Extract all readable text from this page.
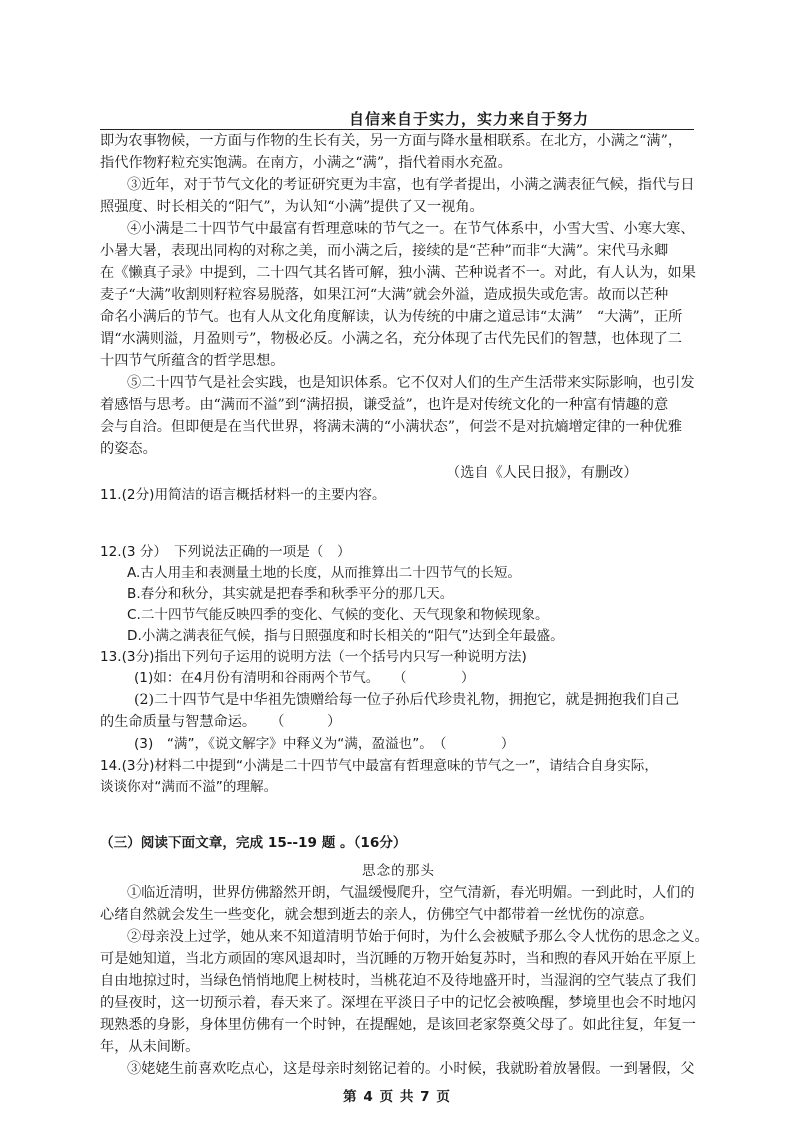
自信来自于实力，实力来自于努力
即为农事物候，一方面与作物的生长有关，另一方面与降水量相联系。在北方，小满之“满”，
指代作物籽粒充实饱满。在南方，小满之“满”，指代着雨水充盈。
③近年，对于节气文化的考证研究更为丰富，也有学者提出，小满之满表征气候，指代与日
照强度、时长相关的“阳气”，为认知“小满”提供了又一视角。
④小满是二十四节气中最富有哲理意味的节气之一。在节气体系中，小雪大雪、小寒大寒、
小暑大暑，表现出同构的对称之美，而小满之后，接续的是“芒种”而非“大满”。宋代马永卿
在《懒真子录》中提到，二十四气其名皆可解，独小满、芒种说者不一。对此，有人认为，如果
麦子“大满”收割则籽粒容易脱落，如果江河“大满”就会外溢，造成损失或危害。故而以芒种
命名小满后的节气。也有人从文化角度解读，认为传统的中庸之道忌讳“太满”　“大满”，正所
谓“水满则溢，月盈则亏”，物极必反。小满之名，充分体现了古代先民们的智慧，也体现了二
十四节气所蕴含的哲学思想。
⑤二十四节气是社会实践，也是知识体系。它不仅对人们的生产生活带来实际影响，也引发
着感悟与思考。由“满而不溢”到“满招损，谦受益”，也许是对传统文化的一种富有情趣的意
会与自洽。但即便是在当代世界，将满未满的“小满状态”，何尝不是对抗熵增定律的一种优雅
的姿态。
（选自《人民日报》，有删改）
11.(2分)用简洁的语言概括材料一的主要内容。
12.(3 分）　下列说法正确的一项是（　）
A.古人用圭和表测量土地的长度，从而推算出二十四节气的长短。
B.春分和秋分，其实就是把春季和秋季平分的那几天。
C.二十四节气能反映四季的变化、气候的变化、天气现象和物候现象。
D.小满之满表征气候，指与日照强度和时长相关的“阳气”达到全年最盛。
13.(3分)指出下列句子运用的说明方法（一个括号内只写一种说明方法)
(1)如：在4月份有清明和谷雨两个节气。　　（　　　　）
(2)二十四节气是中华祖先馈赠给每一位子孙后代珍贵礼物，拥抱它，就是拥抱我们自己
的生命质量与智慧命运。　　（　　　）
(3)　“满”，《说文解字》中释义为“满，盈溢也”。　（　　　　）
14.(3分)材料二中提到“小满是二十四节气中最富有哲理意味的节气之一”，请结合自身实际，
谈谈你对“满而不溢”的理解。
（三）阅读下面文章，完成 15--19 题 。（16分）
思念的那头
①临近清明，世界仿佛豁然开朗，气温缓慢爬升，空气清新，春光明媚。一到此时，人们的
心绪自然就会发生一些变化，就会想到逝去的亲人，仿佛空气中都带着一丝忧伤的凉意。
②母亲没上过学，她从来不知道清明节始于何时，为什么会被赋予那么令人忧伤的思念之义。
可是她知道，当北方顽固的寒风退却时，当沉睡的万物开始复苏时，当和煦的春风开始在平原上
自由地掠过时，当绿色悄悄地爬上树枝时，当桃花迫不及待地盛开时，当湿润的空气装点了我们
的昼夜时，这一切预示着，春天来了。深埋在平淡日子中的记忆会被唤醒，梦境里也会不时地闪
现熟悉的身影，身体里仿佛有一个时钟，在提醒她，是该回老家祭奠父母了。如此往复，年复一
年，从未间断。
③姥姥生前喜欢吃点心，这是母亲时刻铭记着的。小时候，我就盼着放暑假。一到暑假，父
第 4 页 共 7 页
